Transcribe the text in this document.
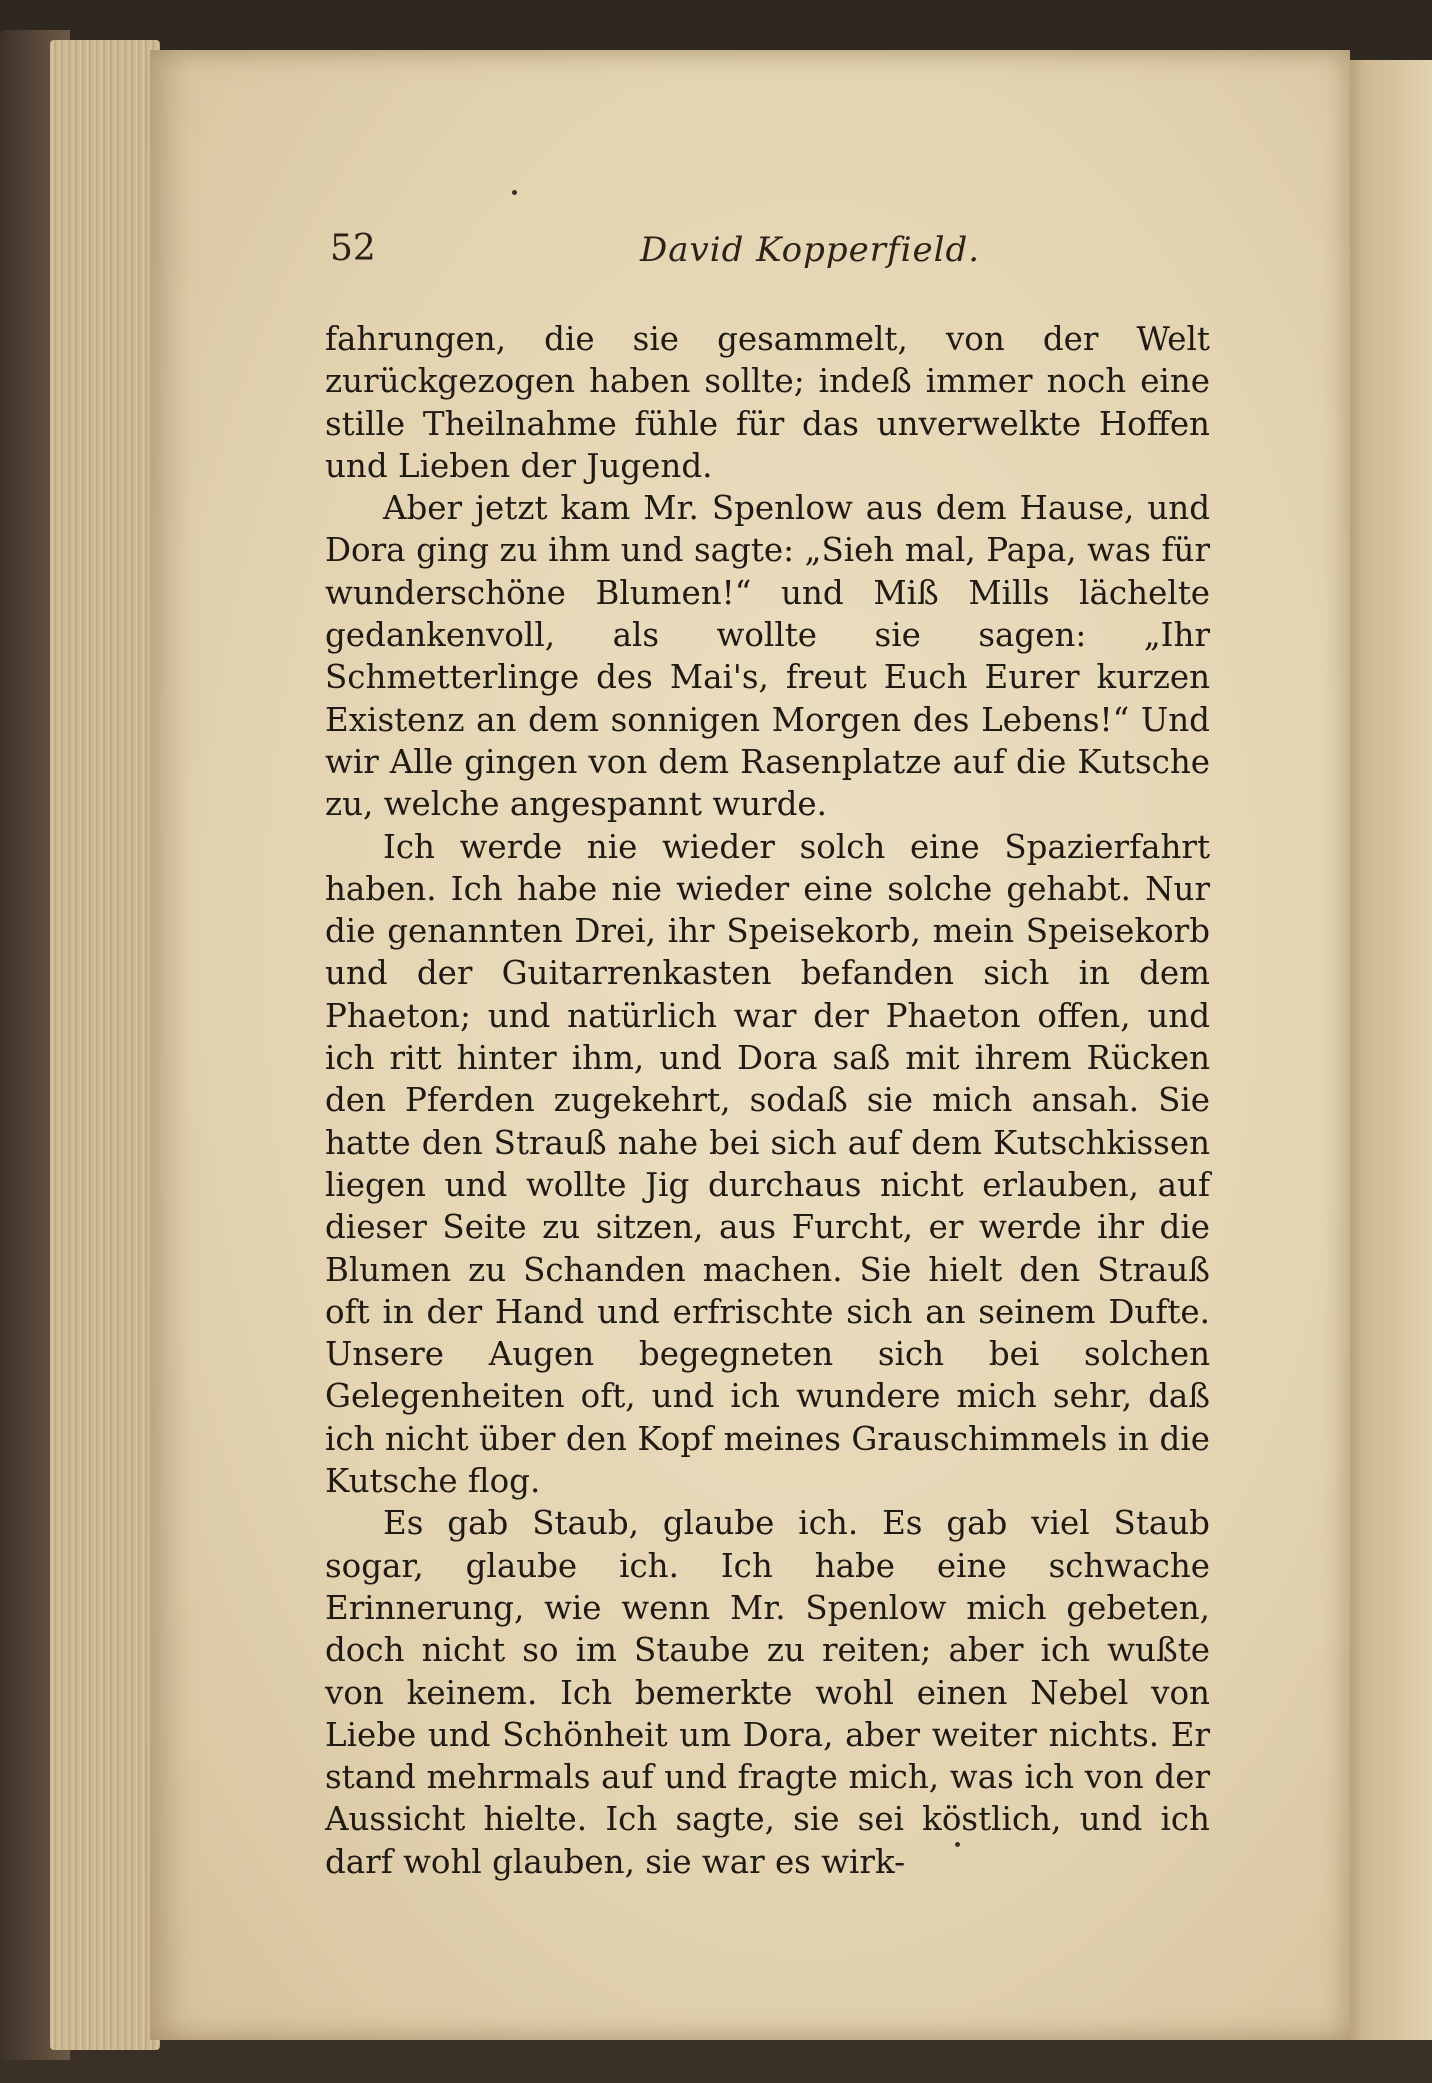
52	David Kopperfield.

fahrungen, die sie gesammelt, von der Welt zurückgezogen haben sollte; indeß immer noch eine stille Theilnahme fühle für das unverwelkte Hoffen und Lieben der Jugend.

Aber jetzt kam Mr. Spenlow aus dem Hause, und Dora ging zu ihm und sagte: „Sieh mal, Papa, was für wunderschöne Blumen!“ und Miß Mills lächelte gedankenvoll, als wollte sie sagen: „Ihr Schmetterlinge des Mai's, freut Euch Eurer kurzen Existenz an dem sonnigen Morgen des Lebens!“ Und wir Alle gingen von dem Rasenplatze auf die Kutsche zu, welche angespannt wurde.

Ich werde nie wieder solch eine Spazierfahrt haben. Ich habe nie wieder eine solche gehabt. Nur die genannten Drei, ihr Speisekorb, mein Speisekorb und der Guitarrenkasten befanden sich in dem Phaeton; und natürlich war der Phaeton offen, und ich ritt hinter ihm, und Dora saß mit ihrem Rücken den Pferden zugekehrt, sodaß sie mich ansah. Sie hatte den Strauß nahe bei sich auf dem Kutschkissen liegen und wollte Jig durchaus nicht erlauben, auf dieser Seite zu sitzen, aus Furcht, er werde ihr die Blumen zu Schanden machen. Sie hielt den Strauß oft in der Hand und erfrischte sich an seinem Dufte. Unsere Augen begegneten sich bei solchen Gelegenheiten oft, und ich wundere mich sehr, daß ich nicht über den Kopf meines Grauschimmels in die Kutsche flog.

Es gab Staub, glaube ich. Es gab viel Staub sogar, glaube ich. Ich habe eine schwache Erinnerung, wie wenn Mr. Spenlow mich gebeten, doch nicht so im Staube zu reiten; aber ich wußte von keinem. Ich bemerkte wohl einen Nebel von Liebe und Schönheit um Dora, aber weiter nichts. Er stand mehrmals auf und fragte mich, was ich von der Aussicht hielte. Ich sagte, sie sei köstlich, und ich darf wohl glauben, sie war es wirk-
